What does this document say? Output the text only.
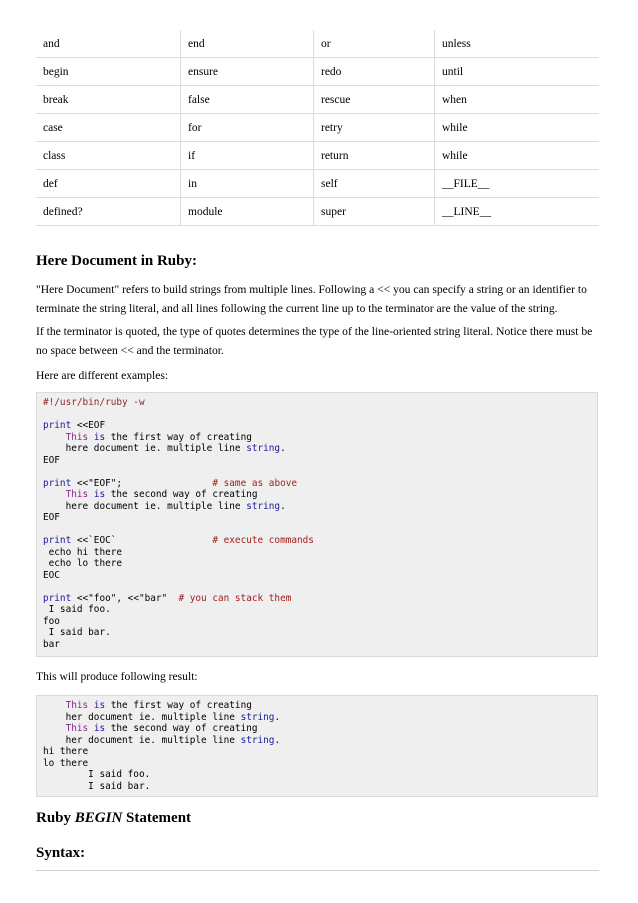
and	end	or	unless
begin	ensure	redo	until
break	false	rescue	when
case	for	retry	while
class	if	return	while
def	in	self	__FILE__
defined?	module	super	__LINE__
Here Document in Ruby:

"Here Document" refers to build strings from multiple lines. Following a << you can specify a string or an identifier to terminate the string literal, and all lines following the current line up to the terminator are the value of the string.

If the terminator is quoted, the type of quotes determines the type of the line-oriented string literal. Notice there must be no space between << and the terminator.

Here are different examples:

#!/usr/bin/ruby -w
print <<EOF
This is the first way of creating
here document ie. multiple line string.
EOF
print <<"EOF";                # same as above
This is the second way of creating
here document ie. multiple line string.
EOF
print <<`EOC`                 # execute commands
echo hi there
echo lo there
EOC
print <<"foo", <<"bar"  # you can stack them
I said foo.
foo
I said bar.
bar

This will produce following result:

This is the first way of creating
her document ie. multiple line string.
This is the second way of creating
her document ie. multiple line string.
hi there
lo there
I said foo.
I said bar.
Ruby BEGIN Statement
Syntax:
